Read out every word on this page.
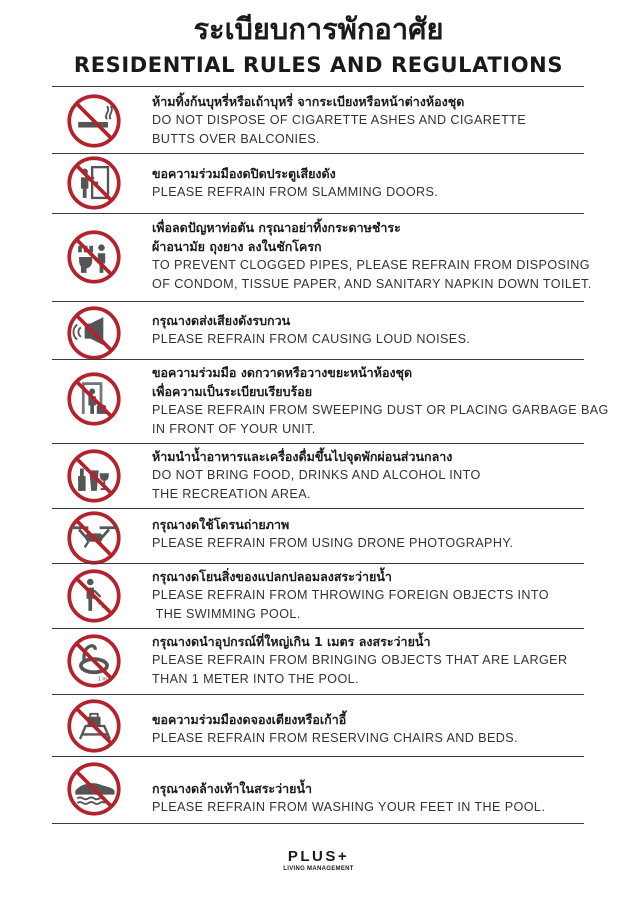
ระเบียบการพักอาศัย
RESIDENTIAL RULES AND REGULATIONS
ห้ามทิ้งก้นบุหรี่หรือเถ้าบุหรี่ จากระเบียงหรือหน้าต่างห้องชุด
DO NOT DISPOSE OF CIGARETTE ASHES AND CIGARETTE
BUTTS OVER BALCONIES.
ขอความร่วมมืองดปิดประตูเสียงดัง
PLEASE REFRAIN FROM SLAMMING DOORS.
เพื่อลดปัญหาท่อตัน กรุณาอย่าทิ้งกระดาษชำระ
ผ้าอนามัย ถุงยาง ลงในชักโครก
TO PREVENT CLOGGED PIPES, PLEASE REFRAIN FROM DISPOSING
OF CONDOM, TISSUE PAPER, AND SANITARY NAPKIN DOWN TOILET.
กรุณางดส่งเสียงดังรบกวน
PLEASE REFRAIN FROM CAUSING LOUD NOISES.
ขอความร่วมมือ งดกวาดหรือวางขยะหน้าห้องชุด
เพื่อความเป็นระเบียบเรียบร้อย
PLEASE REFRAIN FROM SWEEPING DUST OR PLACING GARBAGE BAG
IN FRONT OF YOUR UNIT.
ห้ามนำน้ำอาหารและเครื่องดื่มขึ้นไปจุดพักผ่อนส่วนกลาง
DO NOT BRING FOOD, DRINKS AND ALCOHOL INTO
THE RECREATION AREA.
กรุณางดใช้โดรนถ่ายภาพ
PLEASE REFRAIN FROM USING DRONE PHOTOGRAPHY.
กรุณางดโยนสิ่งของแปลกปลอมลงสระว่ายน้ำ
PLEASE REFRAIN FROM THROWING FOREIGN OBJECTS INTO
THE SWIMMING POOL.
1 m.
กรุณางดนำอุปกรณ์ที่ใหญ่เกิน 1 เมตร ลงสระว่ายน้ำ
PLEASE REFRAIN FROM BRINGING OBJECTS THAT ARE LARGER
THAN 1 METER INTO THE POOL.
ขอความร่วมมืองดจองเตียงหรือเก้าอี้
PLEASE REFRAIN FROM RESERVING CHAIRS AND BEDS.
กรุณางดล้างเท้าในสระว่ายน้ำ
PLEASE REFRAIN FROM WASHING YOUR FEET IN THE POOL.
PLUS+
LIVING MANAGEMENT
